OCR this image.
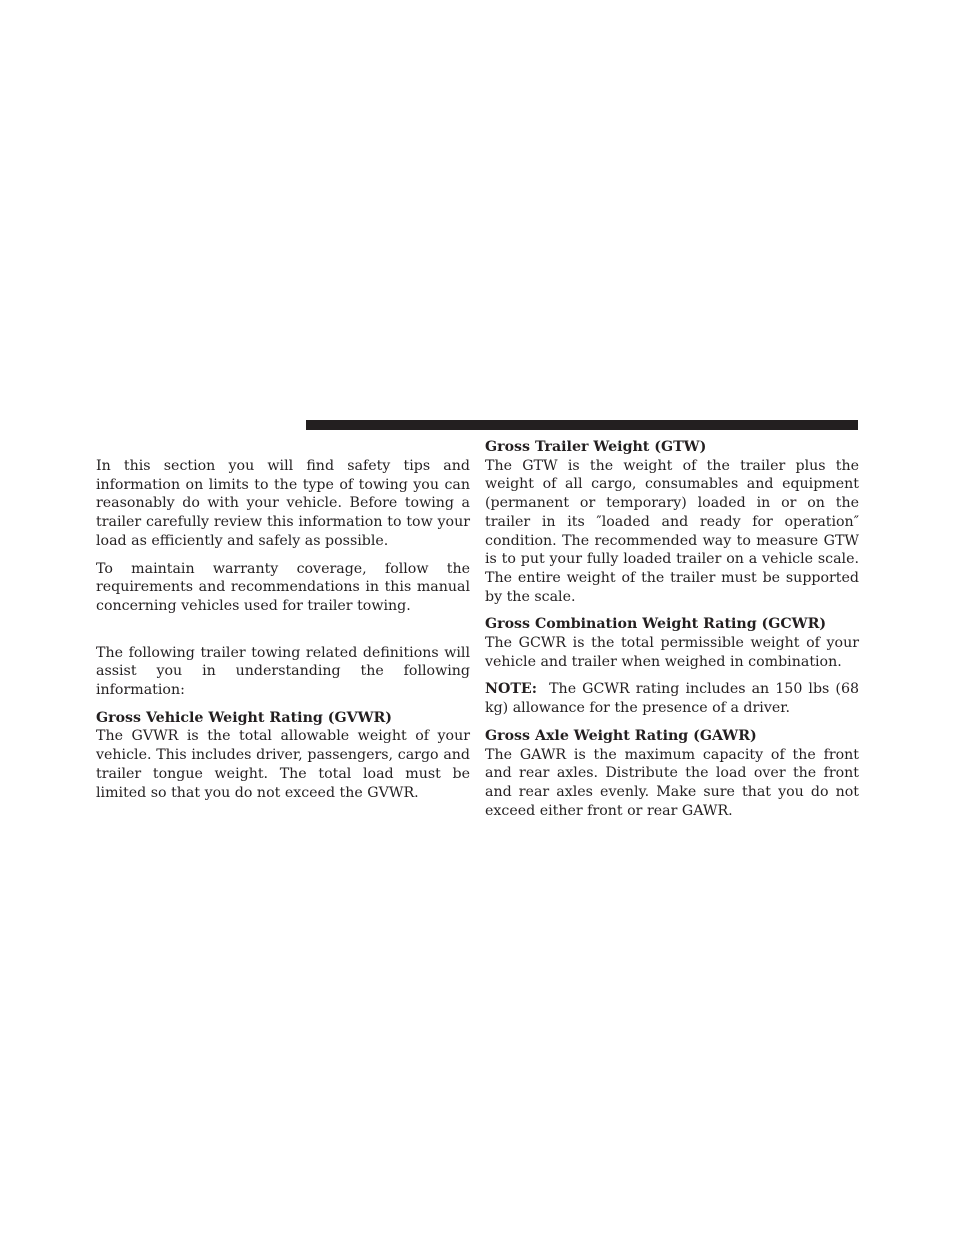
In this section you will find safety tips and information on limits to the type of towing you can reasonably do with your vehicle. Before towing a trailer carefully review this information to tow your load as efficiently and safely as possible.

To maintain warranty coverage, follow the requirements and recommendations in this manual concerning vehicles used for trailer towing.

The following trailer towing related definitions will assist you in understanding the following information:

Gross Vehicle Weight Rating (GVWR)

The GVWR is the total allowable weight of your vehicle. This includes driver, passengers, cargo and trailer tongue weight. The total load must be limited so that you do not exceed the GVWR.

Gross Trailer Weight (GTW)

The GTW is the weight of the trailer plus the weight of all cargo, consumables and equipment (permanent or temporary) loaded in or on the trailer in its ″loaded and ready for operation″ condition. The recommended way to measure GTW is to put your fully loaded trailer on a vehicle scale. The entire weight of the trailer must be supported by the scale.

Gross Combination Weight Rating (GCWR)

The GCWR is the total permissible weight of your vehicle and trailer when weighed in combination.

NOTE: The GCWR rating includes an 150 lbs (68 kg) allowance for the presence of a driver.

Gross Axle Weight Rating (GAWR)

The GAWR is the maximum capacity of the front and rear axles. Distribute the load over the front and rear axles evenly. Make sure that you do not exceed either front or rear GAWR.
